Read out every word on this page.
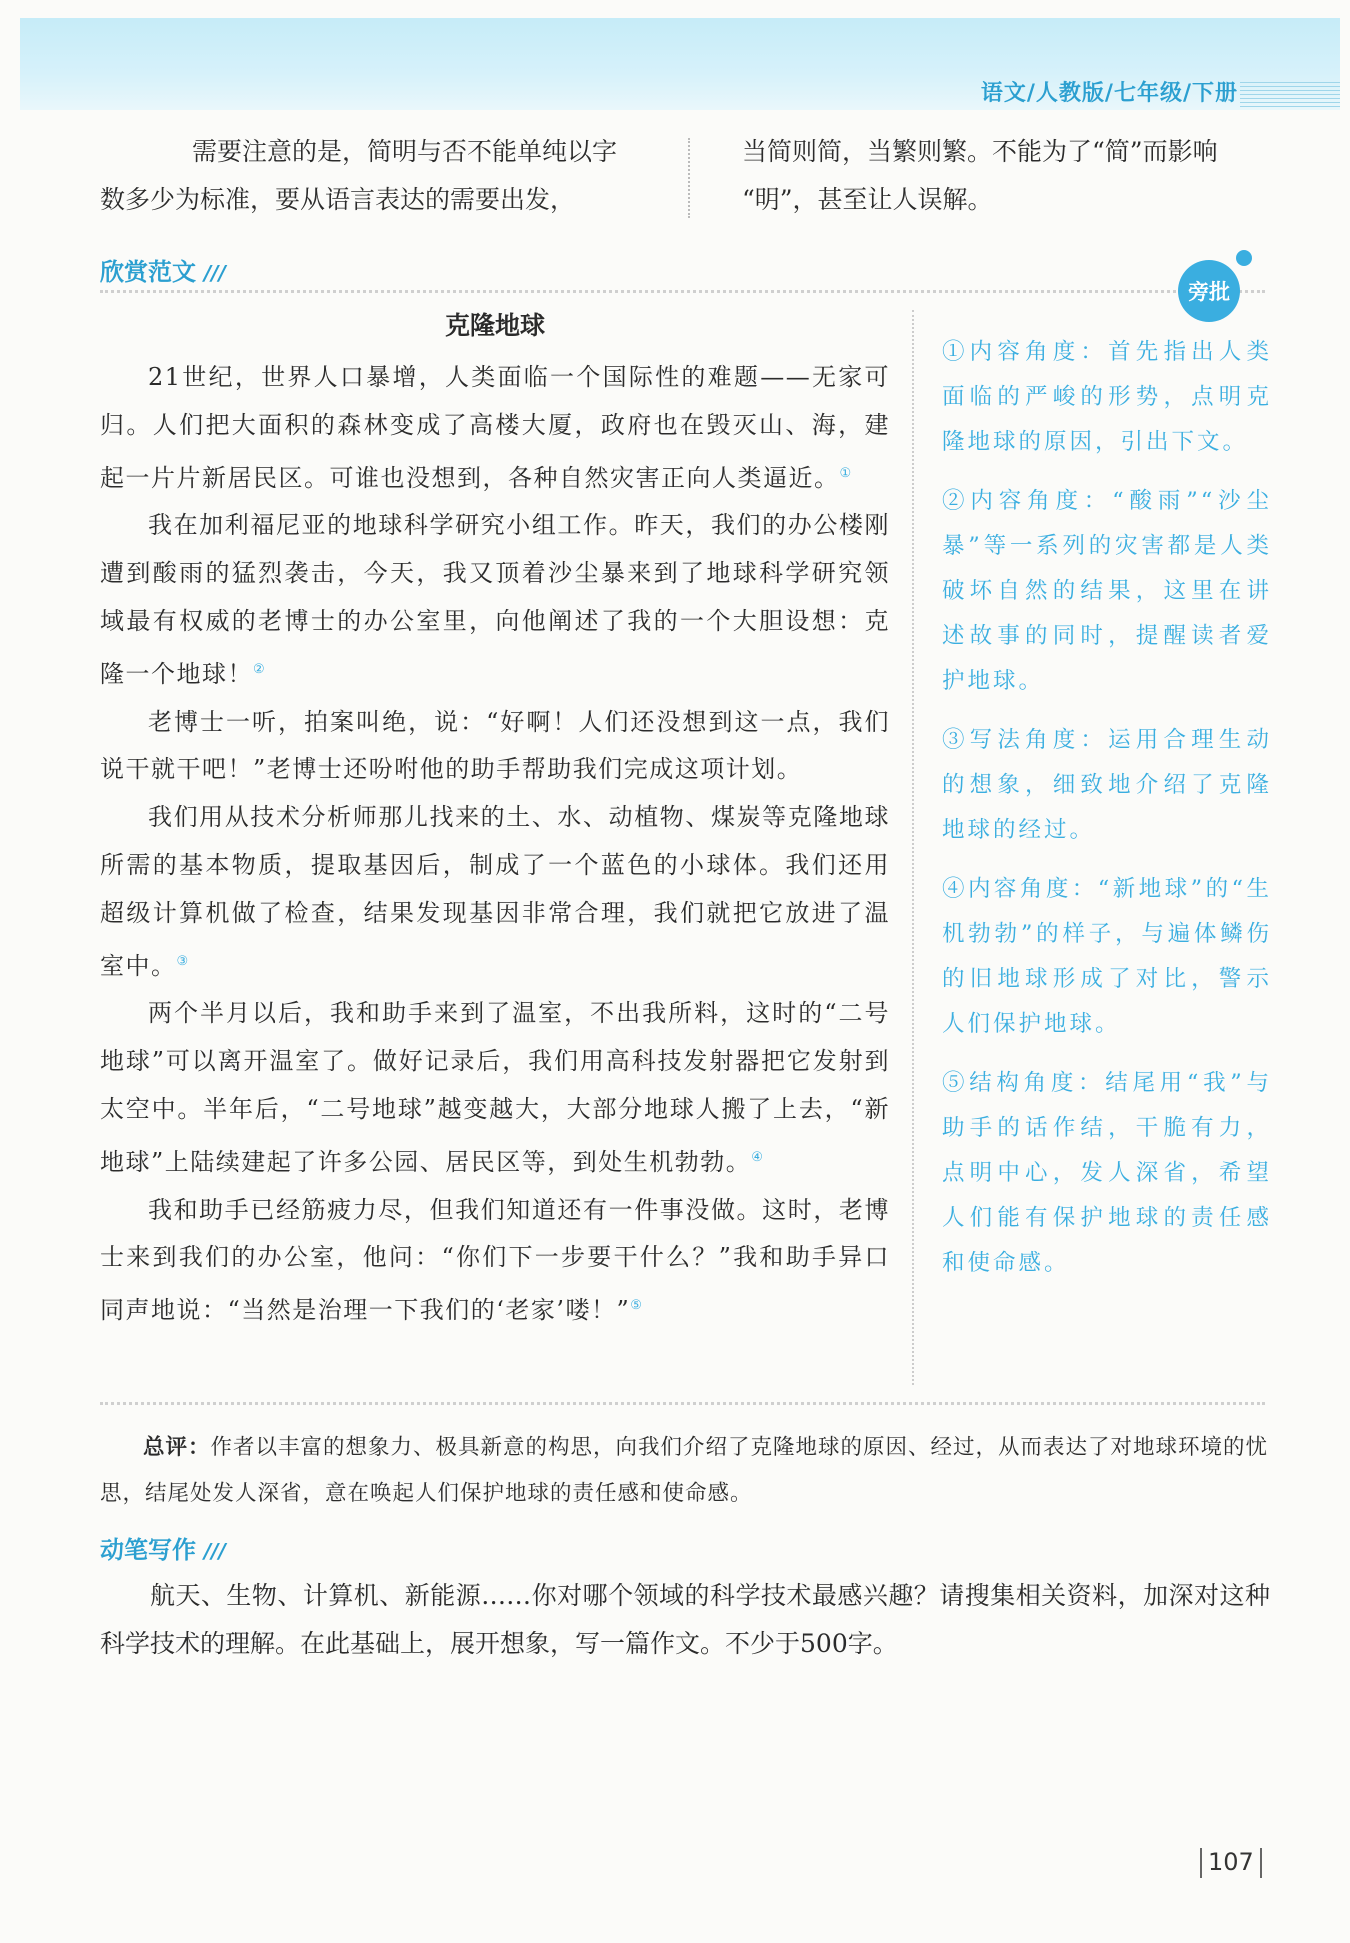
语文/人教版/七年级/下册
需要注意的是，简明与否不能单纯以字
数多少为标准，要从语言表达的需要出发，
当简则简，当繁则繁。不能为了“简”而影响
“明”，甚至让人误解。
欣赏范文 ///
旁批
克隆地球

21世纪，世界人口暴增，人类面临一个国际性的难题——无家可归。人们把大面积的森林变成了高楼大厦，政府也在毁灭山、海，建起一片片新居民区。可谁也没想到，各种自然灾害正向人类逼近。①

我在加利福尼亚的地球科学研究小组工作。昨天，我们的办公楼刚遭到酸雨的猛烈袭击，今天，我又顶着沙尘暴来到了地球科学研究领域最有权威的老博士的办公室里，向他阐述了我的一个大胆设想：克隆一个地球！②

老博士一听，拍案叫绝，说：“好啊！人们还没想到这一点，我们说干就干吧！”老博士还吩咐他的助手帮助我们完成这项计划。

我们用从技术分析师那儿找来的土、水、动植物、煤炭等克隆地球所需的基本物质，提取基因后，制成了一个蓝色的小球体。我们还用超级计算机做了检查，结果发现基因非常合理，我们就把它放进了温室中。③

两个半月以后，我和助手来到了温室，不出我所料，这时的“二号地球”可以离开温室了。做好记录后，我们用高科技发射器把它发射到太空中。半年后，“二号地球”越变越大，大部分地球人搬了上去，“新地球”上陆续建起了许多公园、居民区等，到处生机勃勃。④

我和助手已经筋疲力尽，但我们知道还有一件事没做。这时，老博士来到我们的办公室，他问：“你们下一步要干什么？”我和助手异口同声地说：“当然是治理一下我们的‘老家’喽！”⑤

①内容角度：首先指出人类面临的严峻的形势，点明克隆地球的原因，引出下文。

②内容角度：“酸雨”“沙尘暴”等一系列的灾害都是人类破坏自然的结果，这里在讲述故事的同时，提醒读者爱护地球。

③写法角度：运用合理生动的想象，细致地介绍了克隆地球的经过。

④内容角度：“新地球”的“生机勃勃”的样子，与遍体鳞伤的旧地球形成了对比，警示人们保护地球。

⑤结构角度：结尾用“我”与助手的话作结，干脆有力，点明中心，发人深省，希望人们能有保护地球的责任感和使命感。

总评：作者以丰富的想象力、极具新意的构思，向我们介绍了克隆地球的原因、经过，从而表达了对地球环境的忧思，结尾处发人深省，意在唤起人们保护地球的责任感和使命感。
动笔写作 ///
航天、生物、计算机、新能源……你对哪个领域的科学技术最感兴趣？请搜集相关资料，加深对这种科学技术的理解。在此基础上，展开想象，写一篇作文。不少于500字。
107
